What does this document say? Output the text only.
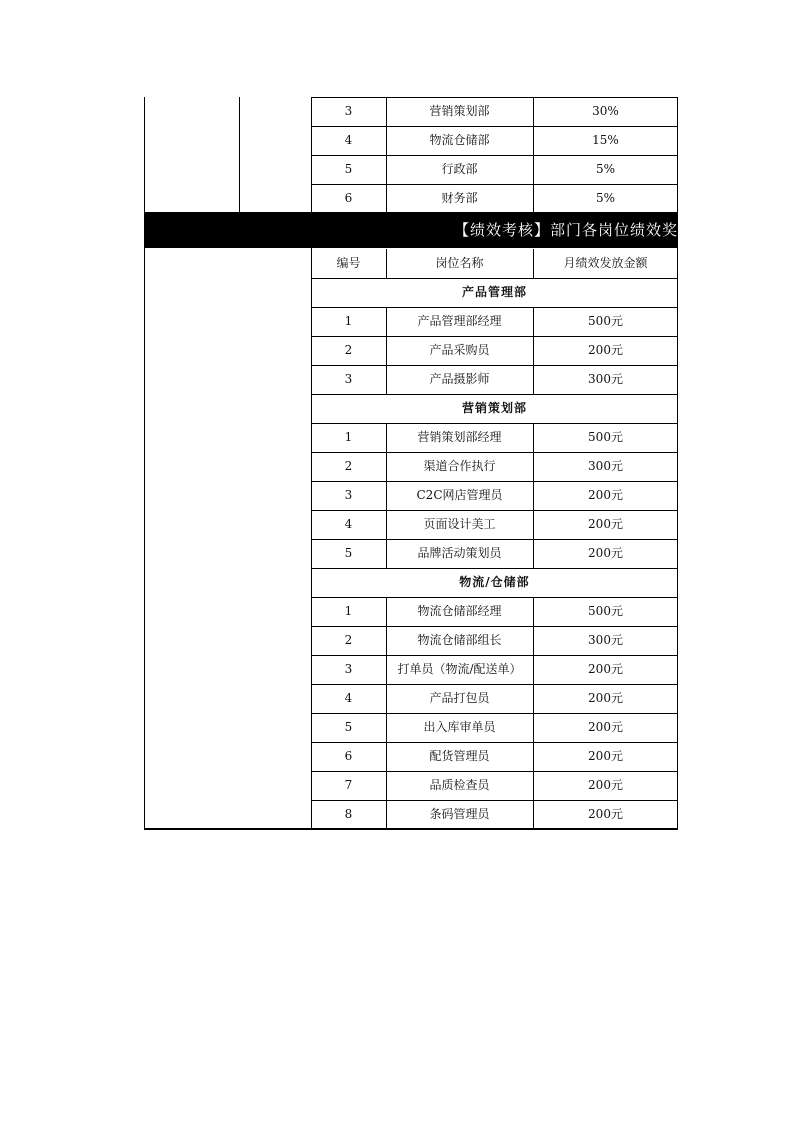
3	营销策划部	30%
4	物流仓储部	15%
5	行政部	5%
6	财务部	5%
【绩效考核】部门各岗位绩效奖
编号	岗位名称	月绩效发放金额
产品管理部
1	产品管理部经理	500元
2	产品采购员	200元
3	产品摄影师	300元
营销策划部
1	营销策划部经理	500元
2	渠道合作执行	300元
3	C2C网店管理员	200元
4	页面设计美工	200元
5	品牌活动策划员	200元
物流/仓储部
1	物流仓储部经理	500元
2	物流仓储部组长	300元
3	打单员（物流/配送单）	200元
4	产品打包员	200元
5	出入库审单员	200元
6	配货管理员	200元
7	品质检查员	200元
8	条码管理员	200元
